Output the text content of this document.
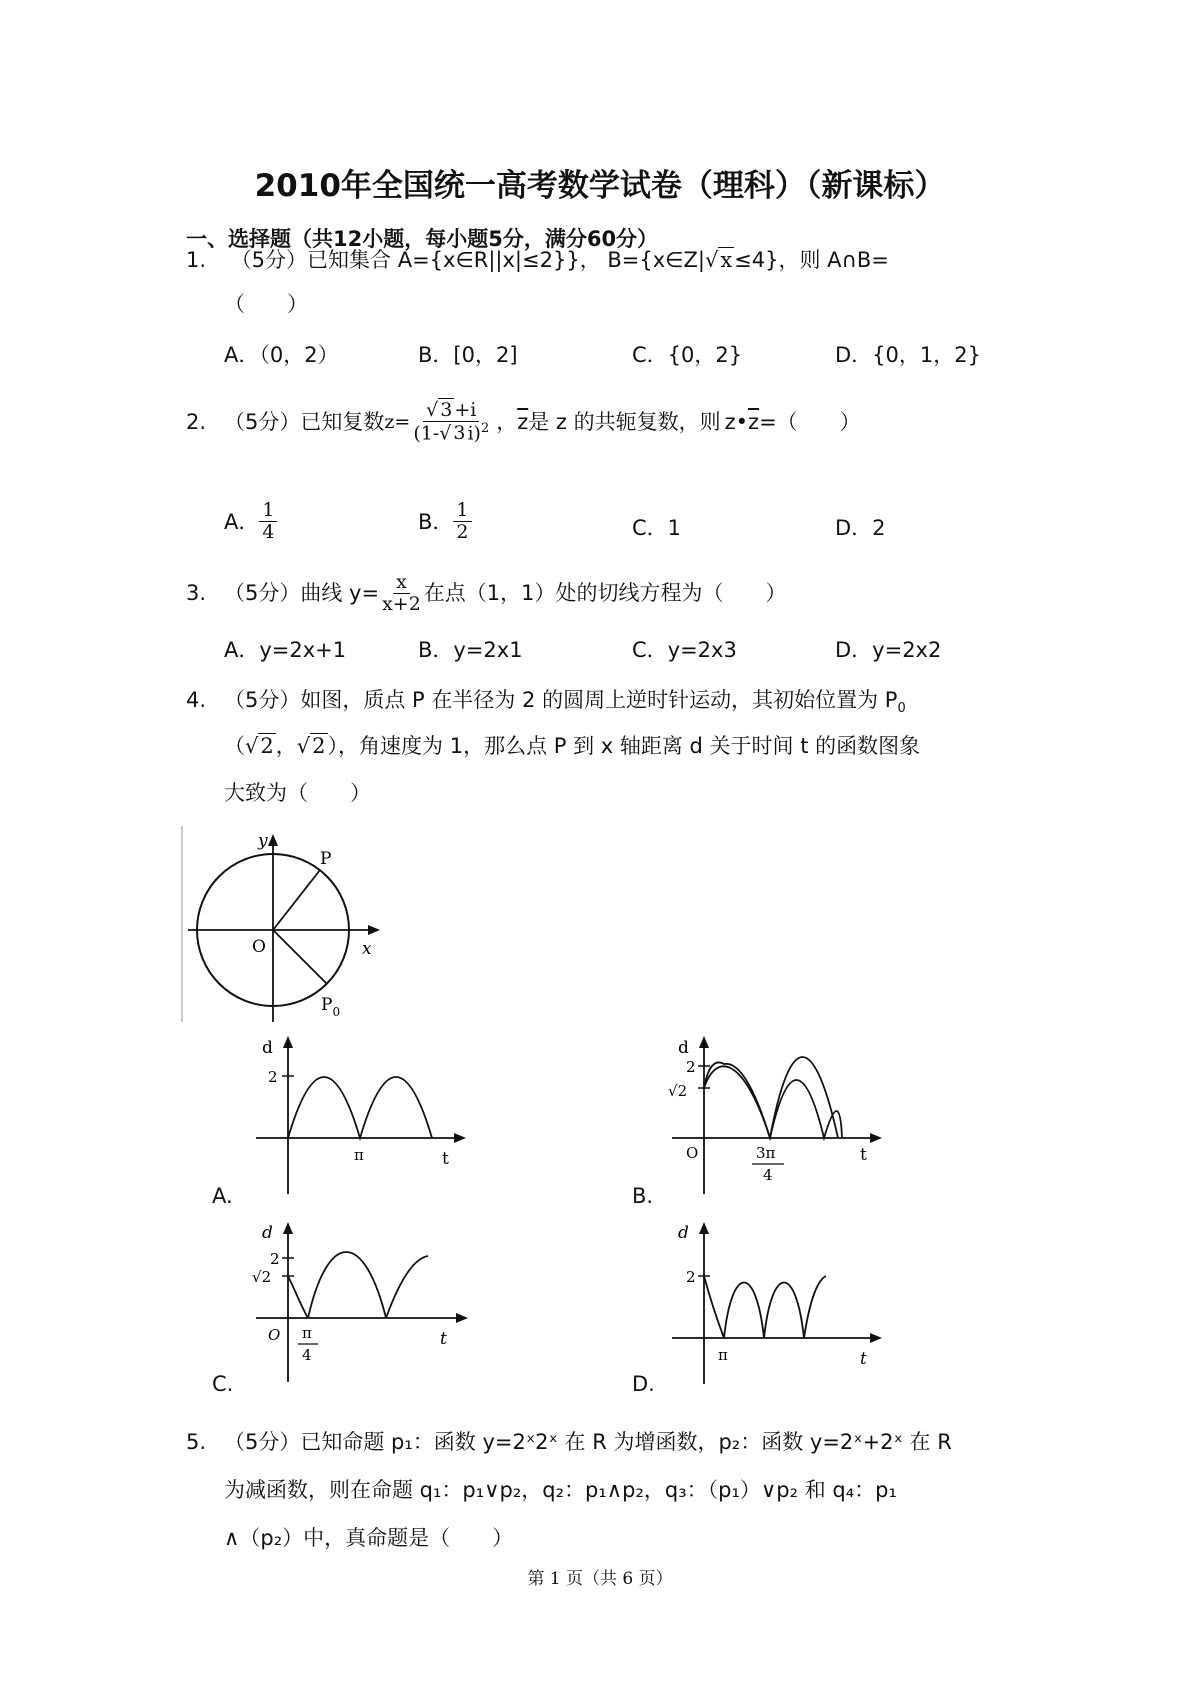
2010年全国统一高考数学试卷（理科）（新课标）
一、选择题（共12小题，每小题5分，满分60分）
1. （5分）已知集合 A={x∈R||x|≤2}}， B={x∈Z|√x≤4}，则 A∩B=
（　　）
A．（0，2）	B．[0，2]	C．{0，2}	D．{0，1，2}
2. （5分）已知复数 $z= \frac{√ 3 +i}{(1-√ 3 i)^2}$ ， $\overline{z}$ 是 z 的共轭复数，则 z• $\overline{z}$ =（　　）
A． $\frac{1}{4}$	B． $\frac{1}{2}$	C．1	D．2
3. （5分）曲线 $y= \frac{x}{x+2}$ 在点（﻿1，﻿1）处的切线方程为（　　）
A．y=2x+1	B．y=2x﻿1	C．y=﻿2x﻿3	D．y=﻿2x﻿2
4. （5分）如图，质点 P 在半径为 2 的圆周上逆时针运动，其初始位置为 $P_0$
（√2，﻿√2），角速度为 1，那么点 P 到 x 轴距离 d 关于时间 t 的函数图象
大致为（　　）
y
x
O
P
$P_0$
d
2
π	t
A.
d
2
√2
O	3π
4
t
B.
d
2
√2
O π
4
t
C.
d
2
π	t
D.
5. （5分）已知命题 p₁：函数 y=2ˣ﻿2﻿ˣ 在 R 为增函数，p₂：函数 y=2ˣ+2﻿ˣ 在 R
为减函数，则在命题 q₁：p₁∨p₂，q₂：p₁∧p₂，q₃：（﻿p₁）∨p₂ 和 q₄：p₁
∧（﻿p₂）中，真命题是（　　）
第 1 页（共 6 页）
